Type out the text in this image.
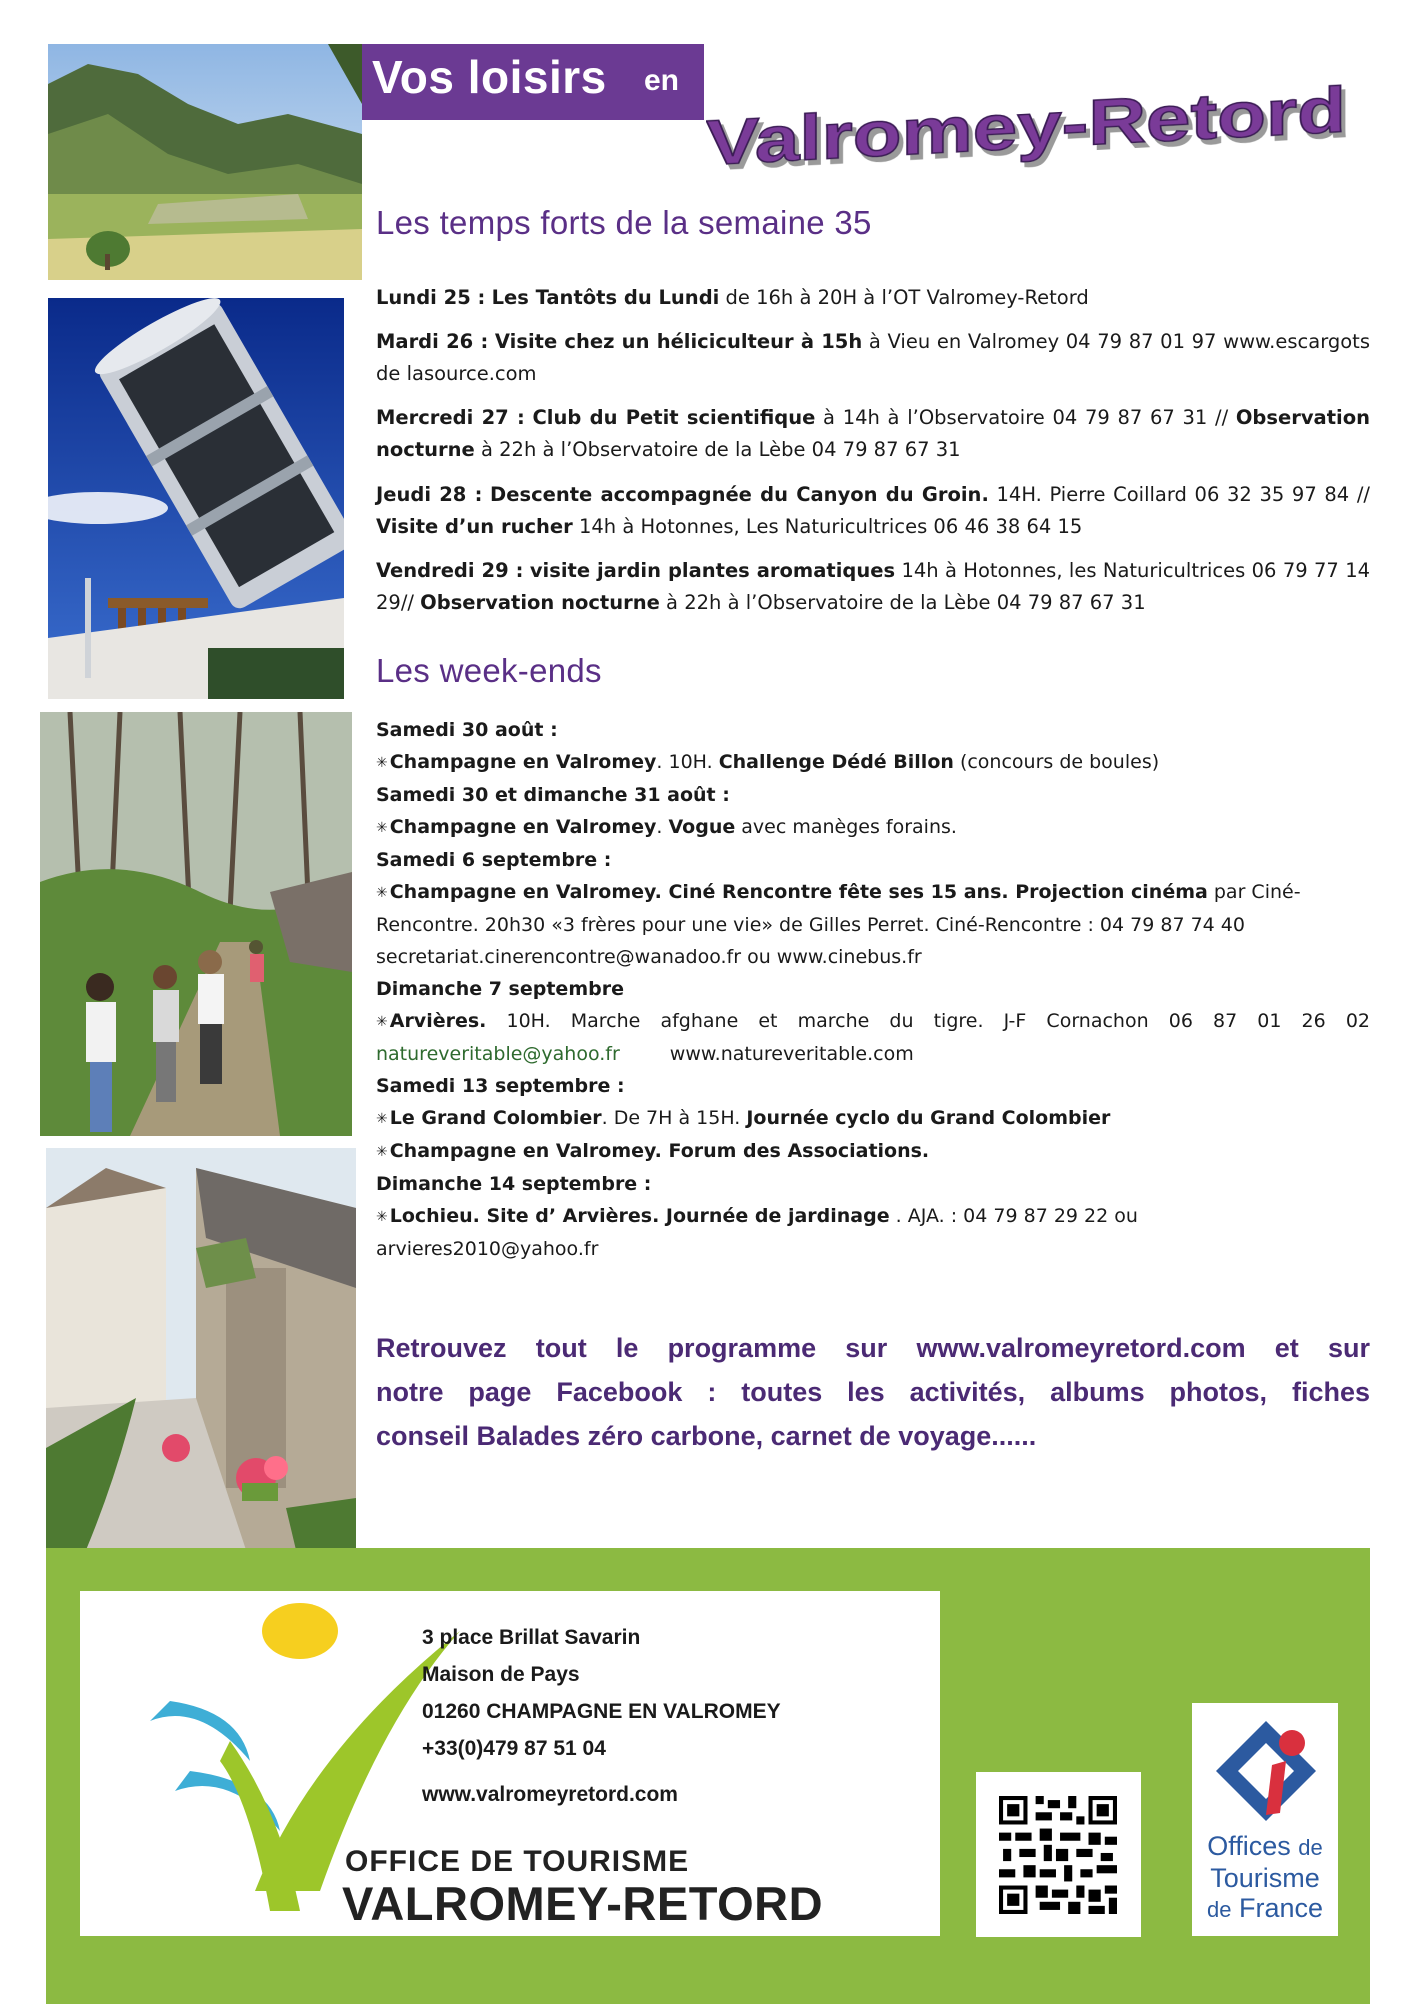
Vos loisirs en Valromey-Retord
Les temps forts de la semaine 35
Lundi 25 : Les Tantôts du Lundi de 16h à 20H à l’OT Valromey-Retord
Mardi 26 : Visite chez un héliciculteur à 15h à Vieu en Valromey 04 79 87 01 97 www.escargots
de lasource.com
Mercredi 27 : Club du Petit scientifique à 14h à l’Observatoire 04 79 87 67 31 // Observation
nocturne à 22h à l’Observatoire de la Lèbe 04 79 87 67 31
Jeudi 28 : Descente accompagnée du Canyon du Groin. 14H. Pierre Coillard 06 32 35 97 84 //
Visite d’un rucher 14h à Hotonnes, Les Naturicultrices 06 46 38 64 15
Vendredi 29 : visite jardin plantes aromatiques 14h à Hotonnes, les Naturicultrices 06 79 77 14
29// Observation nocturne à 22h à l’Observatoire de la Lèbe 04 79 87 67 31
Les week-ends
Samedi 30 août :
✳ Champagne en Valromey. 10H. Challenge Dédé Billon (concours de boules)
Samedi 30 et dimanche 31 août :
✳ Champagne en Valromey. Vogue avec manèges forains.
Samedi 6 septembre :
✳ Champagne en Valromey. Ciné Rencontre fête ses 15 ans. Projection cinéma par Ciné-
Rencontre. 20h30 «3 frères pour une vie» de Gilles Perret. Ciné-Rencontre : 04 79 87 74 40
secretariat.cinerencontre@wanadoo.fr ou www.cinebus.fr
Dimanche 7 septembre
✳ Arvières. 10H. Marche afghane et marche du tigre. J-F Cornachon 06 87 01 26 02
natureveritable@yahoo.fr	www.natureveritable.com
Samedi 13 septembre :
✳ Le Grand Colombier. De 7H à 15H. Journée cyclo du Grand Colombier
✳ Champagne en Valromey. Forum des Associations.
Dimanche 14 septembre :
✳ Lochieu. Site d’ Arvières. Journée de jardinage . AJA. : 04 79 87 29 22 ou
arvieres2010@yahoo.fr
Retrouvez tout le programme sur www.valromeyretord.com et sur
notre page Facebook : toutes les activités, albums photos, fiches
conseil Balades zéro carbone, carnet de voyage......
3 place Brillat Savarin
Maison de Pays
01260 CHAMPAGNE EN VALROMEY
+33(0)479 87 51 04
www.valromeyretord.com
OFFICE DE TOURISME
VALROMEY-RETORD
Offices de
Tourisme
de France
